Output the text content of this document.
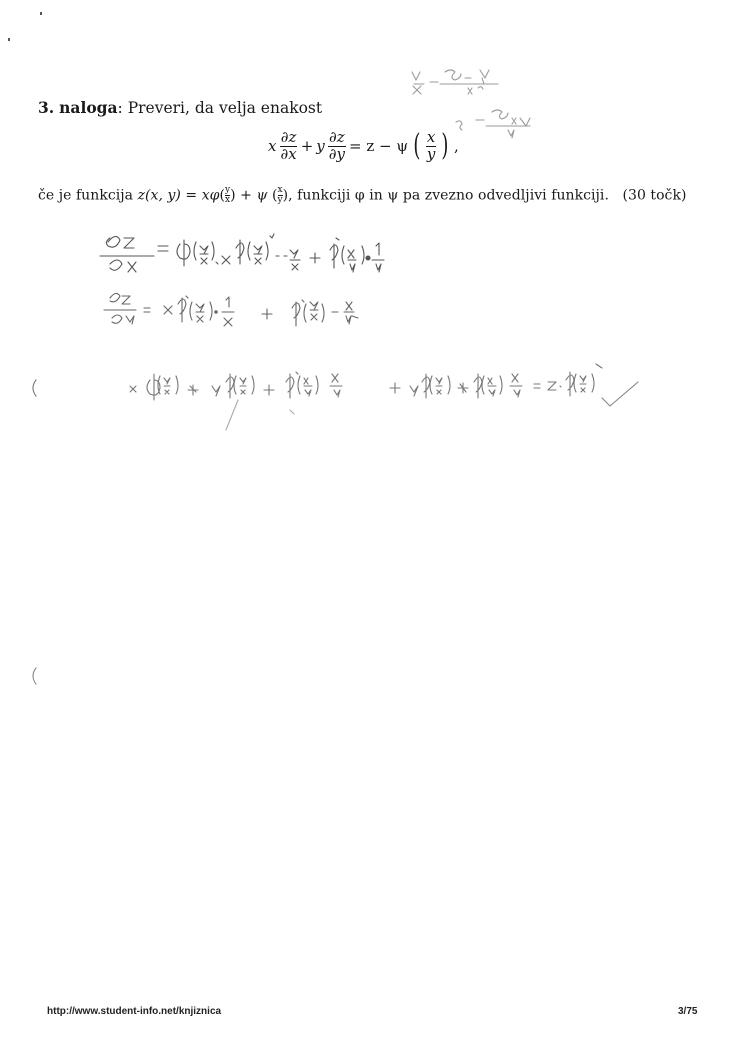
3. naloga: Preveri, da velja enakost
x $\frac{\partial z}{\partial x} + y \frac{\partial z}{\partial y} = z - \psi$ ( $\frac{x}{y}$ ) ,
če je funkcija z(x, $y) = x\varphi( \frac{y}{x}$ ) + ψ ( $\frac{x}{y}$ ), funkciji φ in ψ pa zvezno odvedljivi funkciji. (30 točk)
http://www.student-info.net/knjiznica	3/75
